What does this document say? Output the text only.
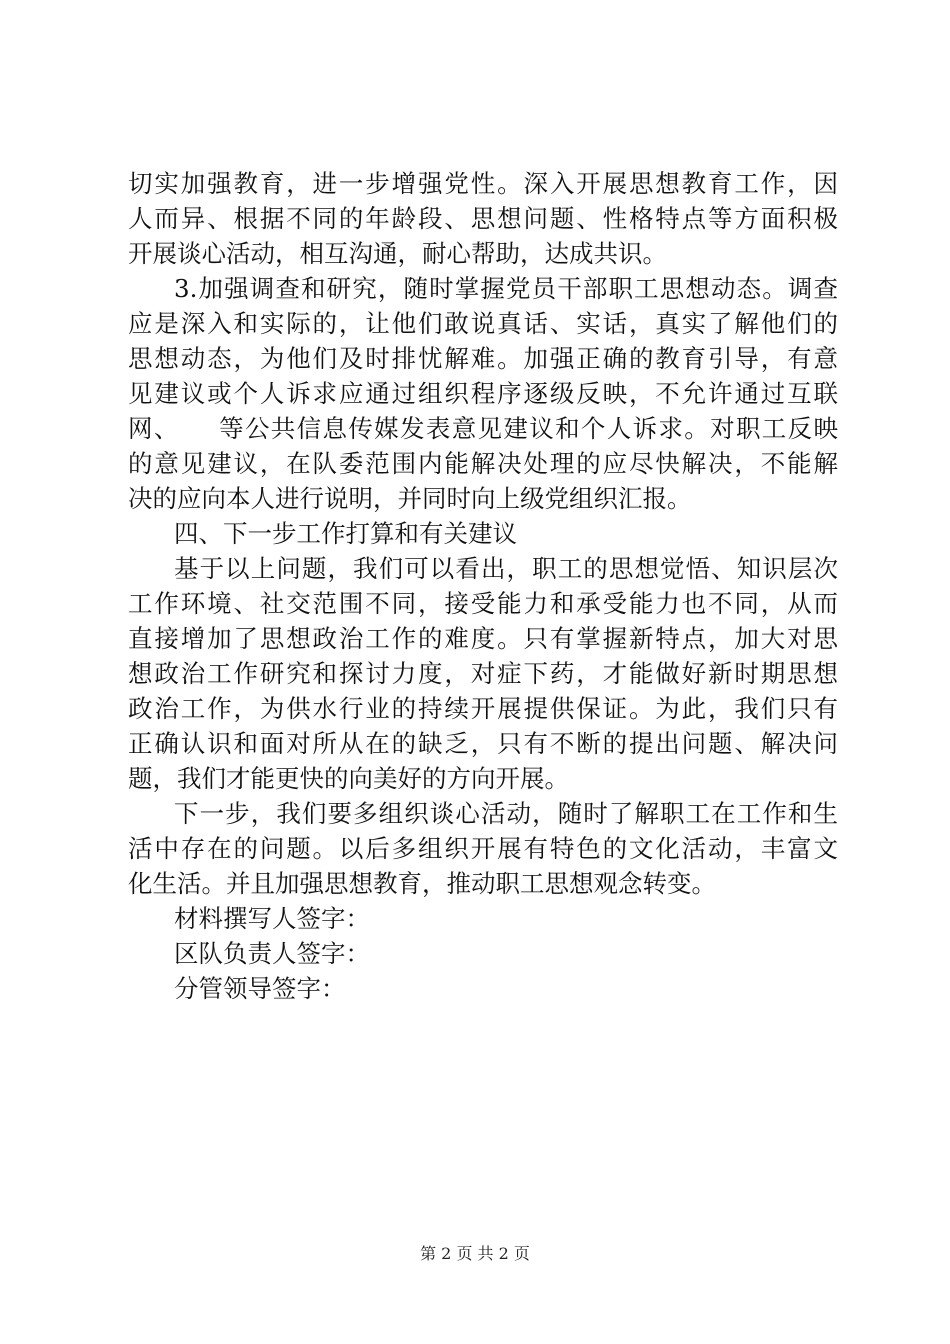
切实加强教育，进一步增强党性。深入开展思想教育工作，因
人而异、根据不同的年龄段、思想问题、性格特点等方面积极
开展谈心活动，相互沟通，耐心帮助，达成共识。
3.加强调查和研究，随时掌握党员干部职工思想动态。调查
应是深入和实际的，让他们敢说真话、实话，真实了解他们的
思想动态，为他们及时排忧解难。加强正确的教育引导，有意
见建议或个人诉求应通过组织程序逐级反映，不允许通过互联
网、　　等公共信息传媒发表意见建议和个人诉求。对职工反映
的意见建议，在队委范围内能解决处理的应尽快解决，不能解
决的应向本人进行说明，并同时向上级党组织汇报。
四、下一步工作打算和有关建议
基于以上问题，我们可以看出，职工的思想觉悟、知识层次
工作环境、社交范围不同，接受能力和承受能力也不同，从而
直接增加了思想政治工作的难度。只有掌握新特点，加大对思
想政治工作研究和探讨力度，对症下药，才能做好新时期思想
政治工作，为供水行业的持续开展提供保证。为此，我们只有
正确认识和面对所从在的缺乏，只有不断的提出问题、解决问
题，我们才能更快的向美好的方向开展。
下一步，我们要多组织谈心活动，随时了解职工在工作和生
活中存在的问题。以后多组织开展有特色的文化活动，丰富文
化生活。并且加强思想教育，推动职工思想观念转变。
材料撰写人签字：
区队负责人签字：
分管领导签字：
第 2 页 共 2 页
